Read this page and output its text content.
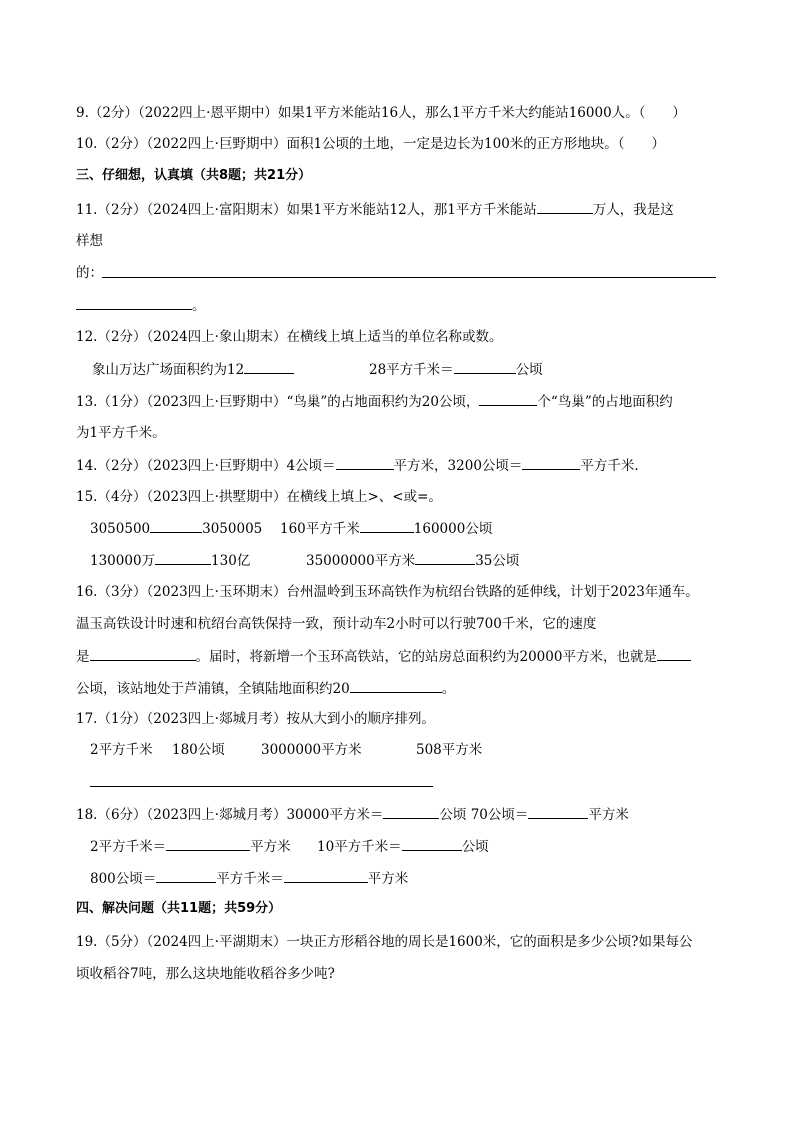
9.（2分）（2022四上·恩平期中）如果1平方米能站16人，那么1平方千米大约能站16000人。（　　）
10.（2分）（2022四上·巨野期中）面积1公顷的土地，一定是边长为100米的正方形地块。（　　）
三、仔细想，认真填（共8题；共21分）
11.（2分）（2024四上·富阳期末）如果1平方米能站12人，那1平方千米能站	万人，我是这
样想
的：
。
12.（2分）（2024四上·象山期末）在横线上填上适当的单位名称或数。
象山万达广场面积约为12	28平方千米＝	公顷
13.（1分）（2023四上·巨野期中）“鸟巢”的占地面积约为20公顷，	个“鸟巢”的占地面积约
为1平方千米。
14.（2分）（2023四上·巨野期中）4公顷＝	平方米，3200公顷＝	平方千米.
15.（4分）（2023四上·拱墅期中）在横线上填上>、<或=。
3050500	3050005 160平方千米	160000公顷
130000万	130亿	35000000平方米	35公顷
16.（3分）（2023四上·玉环期末）台州温岭到玉环高铁作为杭绍台铁路的延伸线，计划于2023年通车。
温玉高铁设计时速和杭绍台高铁保持一致，预计动车2小时可以行驶700千米，它的速度
是	。届时，将新增一个玉环高铁站，它的站房总面积约为20000平方米，也就是
公顷，该站地处于芦浦镇，全镇陆地面积约20	。
17.（1分）（2023四上·郯城月考）按从大到小的顺序排列。
2平方千米 180公顷	3000000平方米	508平方米
18.（6分）（2023四上·郯城月考）30000平方米＝	公顷 70公顷＝	平方米
2平方千米＝	平方米 10平方千米＝	公顷
800公顷＝	平方千米＝	平方米
四、解决问题（共11题；共59分）
19.（5分）（2024四上·平湖期末）一块正方形稻谷地的周长是1600米，它的面积是多少公顷?如果每公
顷收稻谷7吨，那么这块地能收稻谷多少吨?
